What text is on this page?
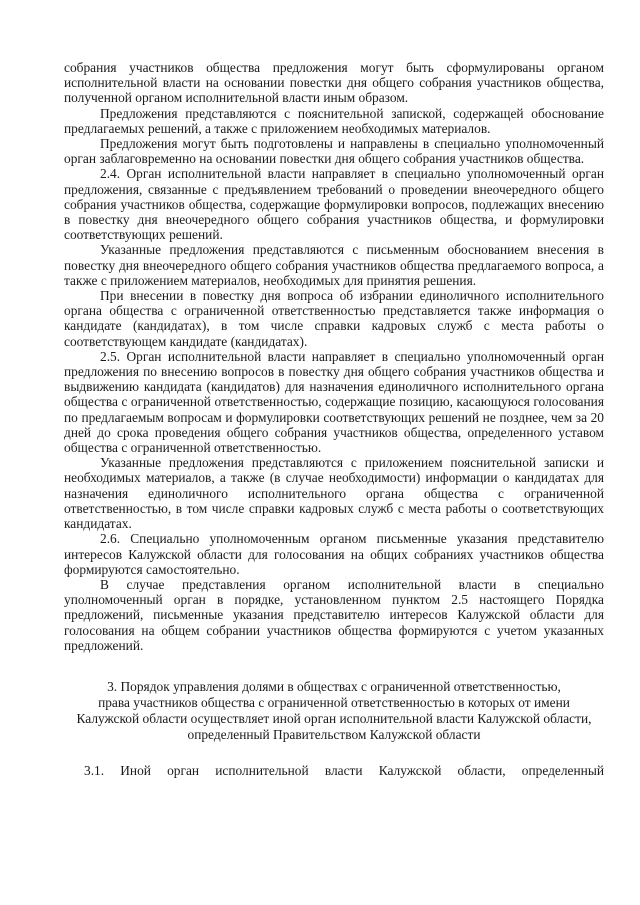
собрания участников общества предложения могут быть сформулированы органом исполнительной власти на основании повестки дня общего собрания участников общества, полученной органом исполнительной власти иным образом.

Предложения представляются с пояснительной запиской, содержащей обоснование предлагаемых решений, а также с приложением необходимых материалов.

Предложения могут быть подготовлены и направлены в специально уполномоченный орган заблаговременно на основании повестки дня общего собрания участников общества.

2.4. Орган исполнительной власти направляет в специально уполномоченный орган предложения, связанные с предъявлением требований о проведении внеочередного общего собрания участников общества, содержащие формулировки вопросов, подлежащих внесению в повестку дня внеочередного общего собрания участников общества, и формулировки соответствующих решений.

Указанные предложения представляются с письменным обоснованием внесения в повестку дня внеочередного общего собрания участников общества предлагаемого вопроса, а также с приложением материалов, необходимых для принятия решения.

При внесении в повестку дня вопроса об избрании единоличного исполнительного органа общества с ограниченной ответственностью представляется также информация о кандидате (кандидатах), в том числе справки кадровых служб с места работы о соответствующем кандидате (кандидатах).

2.5. Орган исполнительной власти направляет в специально уполномоченный орган предложения по внесению вопросов в повестку дня общего собрания участников общества и выдвижению кандидата (кандидатов) для назначения единоличного исполнительного органа общества с ограниченной ответственностью, содержащие позицию, касающуюся голосования по предлагаемым вопросам и формулировки соответствующих решений не позднее, чем за 20 дней до срока проведения общего собрания участников общества, определенного уставом общества с ограниченной ответственностью.

Указанные предложения представляются с приложением пояснительной записки и необходимых материалов, а также (в случае необходимости) информации о кандидатах для назначения единоличного исполнительного органа общества с ограниченной ответственностью, в том числе справки кадровых служб с места работы о соответствующих кандидатах.

2.6. Специально уполномоченным органом письменные указания представителю интересов Калужской области для голосования на общих собраниях участников общества формируются самостоятельно.

В случае представления органом исполнительной власти в специально уполномоченный орган в порядке, установленном пунктом 2.5 настоящего Порядка предложений, письменные указания представителю интересов Калужской области для голосования на общем собрании участников общества формируются с учетом указанных предложений.

3. Порядок управления долями в обществах с ограниченной ответственностью,
права участников общества с ограниченной ответственностью в которых от имени
Калужской области осуществляет иной орган исполнительной власти Калужской области,
определенный Правительством Калужской области

3.1. Иной орган исполнительной власти Калужской области, определенный
